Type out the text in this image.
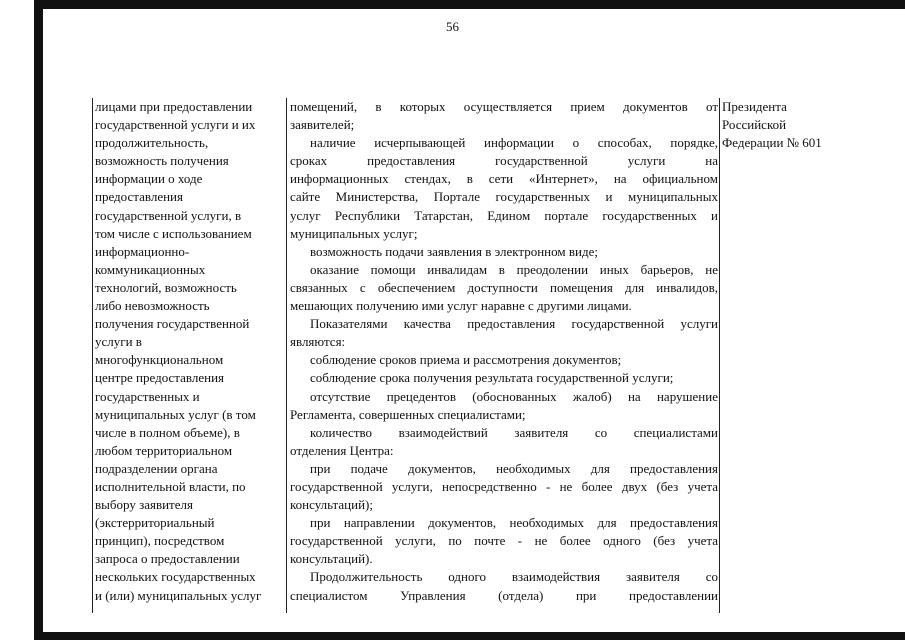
56
лицами при предоставлении
государственной услуги и их
продолжительность,
возможность получения
информации о ходе
предоставления
государственной услуги, в
том числе с использованием
информационно-
коммуникационных
технологий, возможность
либо невозможность
получения государственной
услуги в
многофункциональном
центре предоставления
государственных и
муниципальных услуг (в том
числе в полном объеме), в
любом территориальном
подразделении органа
исполнительной власти, по
выбору заявителя
(экстерриториальный
принцип), посредством
запроса о предоставлении
нескольких государственных
и (или) муниципальных услуг
помещений, в которых осуществляется прием документов от
заявителей;
наличие исчерпывающей информации о способах, порядке,
сроках предоставления государственной услуги на
информационных стендах, в сети «Интернет», на официальном
сайте Министерства, Портале государственных и муниципальных
услуг Республики Татарстан, Едином портале государственных и
муниципальных услуг;
возможность подачи заявления в электронном виде;
оказание помощи инвалидам в преодолении иных барьеров, не
связанных с обеспечением доступности помещения для инвалидов,
мешающих получению ими услуг наравне с другими лицами.
Показателями качества предоставления государственной услуги
являются:
соблюдение сроков приема и рассмотрения документов;
соблюдение срока получения результата государственной услуги;
отсутствие прецедентов (обоснованных жалоб) на нарушение
Регламента, совершенных специалистами;
количество взаимодействий заявителя со специалистами
отделения Центра:
при подаче документов, необходимых для предоставления
государственной услуги, непосредственно - не более двух (без учета
консультаций);
при направлении документов, необходимых для предоставления
государственной услуги, по почте - не более одного (без учета
консультаций).
Продолжительность одного взаимодействия заявителя со
специалистом Управления (отдела) при предоставлении
Президента
Российской
Федерации № 601
